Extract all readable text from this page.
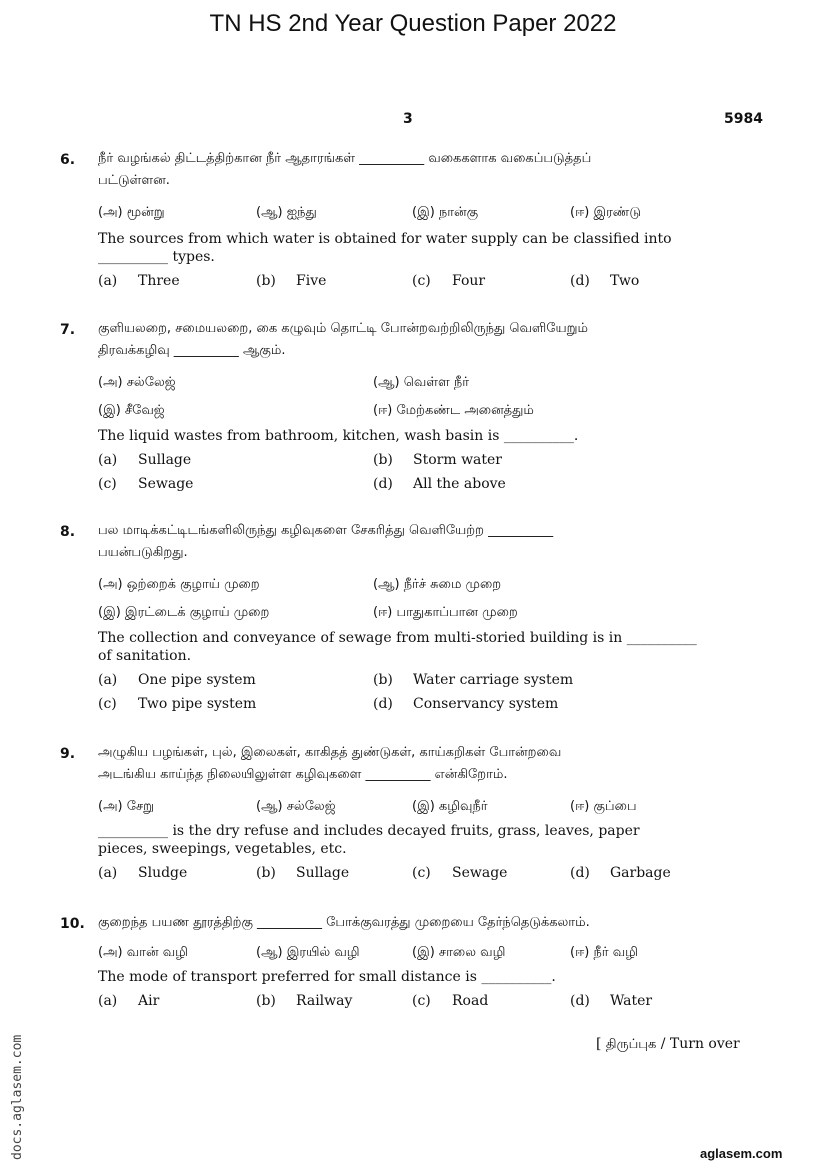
TN HS 2nd Year Question Paper 2022
3	5984
6. நீர் வழங்கல் திட்டத்திற்கான நீர் ஆதாரங்கள் __________ வகைகளாக வகைப்படுத்தப்
பட்டுள்ளன.
(அ) மூன்று	(ஆ) ஐந்து	(இ) நான்கு	(ஈ) இரண்டு
The sources from which water is obtained for water supply can be classified into
__________ types.
(a) Three	(b) Five	(c) Four	(d) Two
7. குளியலறை, சமையலறை, கை கழுவும் தொட்டி போன்றவற்றிலிருந்து வெளியேறும்
திரவக்கழிவு __________ ஆகும்.
(அ) சல்லேஜ்	(ஆ) வெள்ள நீர்
(இ) சீவேஜ்	(ஈ) மேற்கண்ட அனைத்தும்
The liquid wastes from bathroom, kitchen, wash basin is __________.
(a) Sullage	(b) Storm water
(c) Sewage	(d) All the above
8. பல மாடிக்கட்டிடங்களிலிருந்து கழிவுகளை சேகரித்து வெளியேற்ற __________
பயன்படுகிறது.
(அ) ஒற்றைக் குழாய் முறை	(ஆ) நீர்ச் சுமை முறை
(இ) இரட்டைக் குழாய் முறை	(ஈ) பாதுகாப்பான முறை
The collection and conveyance of sewage from multi-storied building is in __________
of sanitation.
(a) One pipe system	(b) Water carriage system
(c) Two pipe system	(d) Conservancy system
9. அழுகிய பழங்கள், புல், இலைகள், காகிதத் துண்டுகள், காய்கறிகள் போன்றவை
அடங்கிய காய்ந்த நிலையிலுள்ள கழிவுகளை __________ என்கிறோம்.
(அ) சேறு	(ஆ) சல்லேஜ்	(இ) கழிவுநீர்	(ஈ) குப்பை
__________ is the dry refuse and includes decayed fruits, grass, leaves, paper
pieces, sweepings, vegetables, etc.
(a) Sludge	(b) Sullage	(c) Sewage	(d) Garbage
10. குறைந்த பயண தூரத்திற்கு __________ போக்குவரத்து முறையை தேர்ந்தெடுக்கலாம்.
(அ) வான் வழி	(ஆ) இரயில் வழி	(இ) சாலை வழி	(ஈ) நீர் வழி
The mode of transport preferred for small distance is __________.
(a) Air	(b) Railway	(c) Road	(d) Water
[ திருப்புக / Turn over
docs.aglasem.com	aglasem.com
